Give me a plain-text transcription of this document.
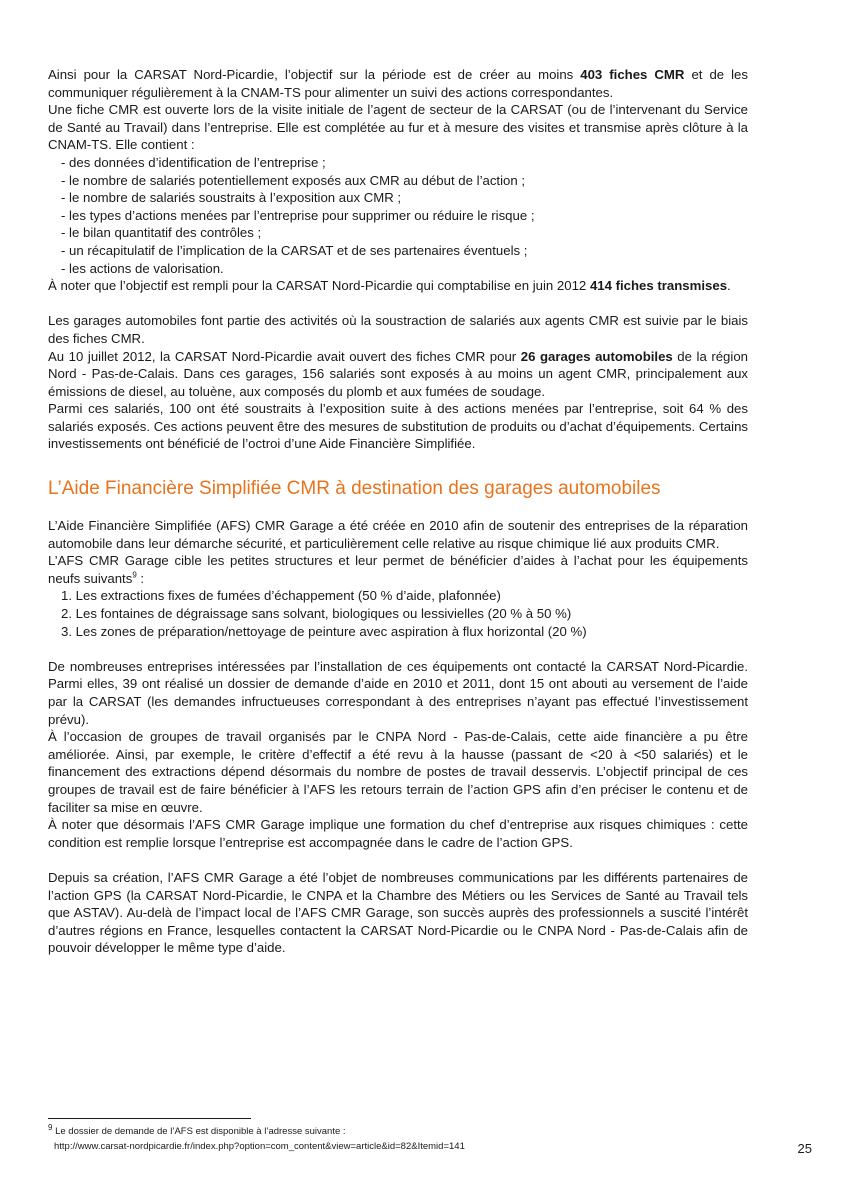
Ainsi pour la CARSAT Nord-Picardie, l’objectif sur la période est de créer au moins 403 fiches CMR et de les communiquer régulièrement à la CNAM-TS pour alimenter un suivi des actions correspondantes.

Une fiche CMR est ouverte lors de la visite initiale de l’agent de secteur de la CARSAT (ou de l’intervenant du Service de Santé au Travail) dans l’entreprise. Elle est complétée au fur et à mesure des visites et transmise après clôture à la CNAM-TS. Elle contient :

- des données d’identification de l’entreprise ;
- le nombre de salariés potentiellement exposés aux CMR au début de l’action ;
- le nombre de salariés soustraits à l’exposition aux CMR ;
- les types d’actions menées par l’entreprise pour supprimer ou réduire le risque ;
- le bilan quantitatif des contrôles ;
- un récapitulatif de l’implication de la CARSAT et de ses partenaires éventuels ;
- les actions de valorisation.

À noter que l’objectif est rempli pour la CARSAT Nord-Picardie qui comptabilise en juin 2012 414 fiches transmises.

Les garages automobiles font partie des activités où la soustraction de salariés aux agents CMR est suivie par le biais des fiches CMR.

Au 10 juillet 2012, la CARSAT Nord-Picardie avait ouvert des fiches CMR pour 26 garages automobiles de la région Nord - Pas-de-Calais. Dans ces garages, 156 salariés sont exposés à au moins un agent CMR, principalement aux émissions de diesel, au toluène, aux composés du plomb et aux fumées de soudage.

Parmi ces salariés, 100 ont été soustraits à l’exposition suite à des actions menées par l’entreprise, soit 64 % des salariés exposés. Ces actions peuvent être des mesures de substitution de produits ou d’achat d’équipements. Certains investissements ont bénéficié de l’octroi d’une Aide Financière Simplifiée.

L’Aide Financière Simplifiée CMR à destination des garages automobiles

L’Aide Financière Simplifiée (AFS) CMR Garage a été créée en 2010 afin de soutenir des entreprises de la réparation automobile dans leur démarche sécurité, et particulièrement celle relative au risque chimique lié aux produits CMR.

L’AFS CMR Garage cible les petites structures et leur permet de bénéficier d’aides à l’achat pour les équipements neufs suivants$^9$ :

1. Les extractions fixes de fumées d’échappement (50 % d’aide, plafonnée)
2. Les fontaines de dégraissage sans solvant, biologiques ou lessivielles (20 % à 50 %)
3. Les zones de préparation/nettoyage de peinture avec aspiration à flux horizontal (20 %)

De nombreuses entreprises intéressées par l’installation de ces équipements ont contacté la CARSAT Nord-Picardie. Parmi elles, 39 ont réalisé un dossier de demande d’aide en 2010 et 2011, dont 15 ont abouti au versement de l’aide par la CARSAT (les demandes infructueuses correspondant à des entreprises n’ayant pas effectué l’investissement prévu).

À l’occasion de groupes de travail organisés par le CNPA Nord - Pas-de-Calais, cette aide financière a pu être améliorée. Ainsi, par exemple, le critère d’effectif a été revu à la hausse (passant de <20 à <50 salariés) et le financement des extractions dépend désormais du nombre de postes de travail desservis. L’objectif principal de ces groupes de travail est de faire bénéficier à l’AFS les retours terrain de l’action GPS afin d’en préciser le contenu et de faciliter sa mise en œuvre.

À noter que désormais l’AFS CMR Garage implique une formation du chef d’entreprise aux risques chimiques : cette condition est remplie lorsque l’entreprise est accompagnée dans le cadre de l’action GPS.

Depuis sa création, l’AFS CMR Garage a été l’objet de nombreuses communications par les différents partenaires de l’action GPS (la CARSAT Nord-Picardie, le CNPA et la Chambre des Métiers ou les Services de Santé au Travail tels que ASTAV). Au-delà de l’impact local de l’AFS CMR Garage, son succès auprès des professionnels a suscité l’intérêt d’autres régions en France, lesquelles contactent la CARSAT Nord-Picardie ou le CNPA Nord - Pas-de-Calais afin de pouvoir développer le même type d’aide.

$^9$ Le dossier de demande de l’AFS est disponible à l’adresse suivante :
http://www.carsat-nordpicardie.fr/index.php?option=com_content&view=article&id=82&Itemid=141	25
